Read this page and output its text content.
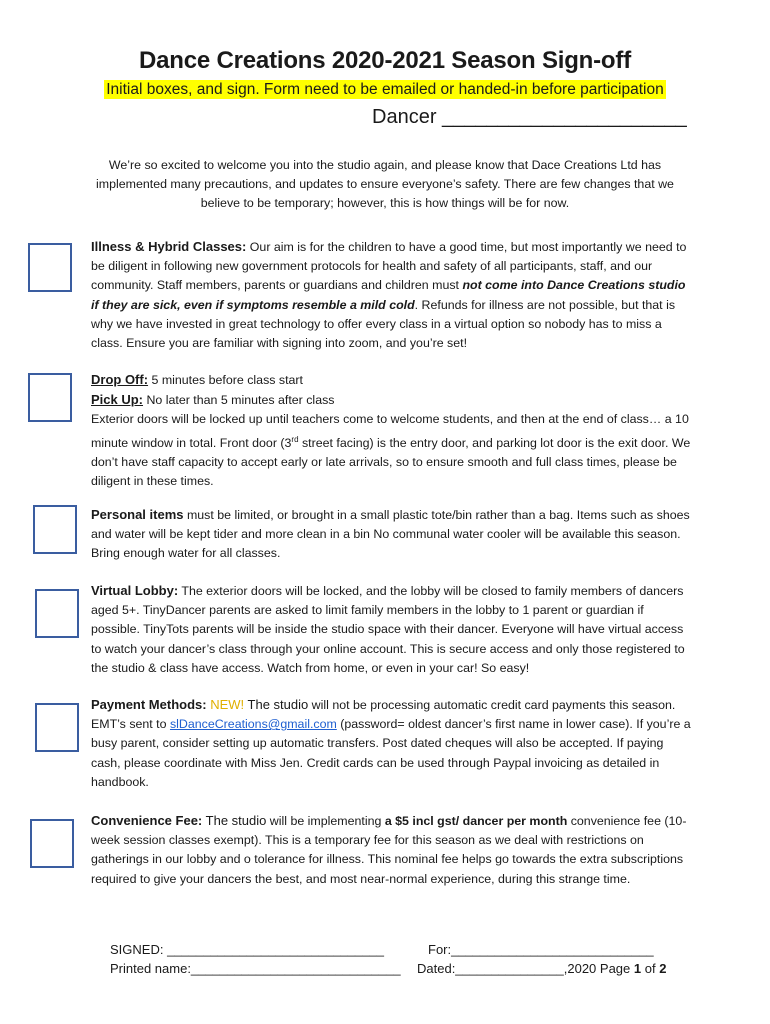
Dance Creations 2020-2021 Season Sign-off
Initial boxes, and sign. Form need to be emailed or handed-in before participation
Dancer ______________________
We’re so excited to welcome you into the studio again, and please know that Dace Creations Ltd has implemented many precautions, and updates to ensure everyone’s safety. There are few changes that we believe to be temporary; however, this is how things will be for now.
Illness & Hybrid Classes: Our aim is for the children to have a good time, but most importantly we need to be diligent in following new government protocols for health and safety of all participants, staff, and our community. Staff members, parents or guardians and children must not come into Dance Creations studio if they are sick, even if symptoms resemble a mild cold. Refunds for illness are not possible, but that is why we have invested in great technology to offer every class in a virtual option so nobody has to miss a class. Ensure you are familiar with signing into zoom, and you’re set!
Drop Off: 5 minutes before class start
Pick Up: No later than 5 minutes after class
Exterior doors will be locked up until teachers come to welcome students, and then at the end of class… a 10 minute window in total. Front door (3rd street facing) is the entry door, and parking lot door is the exit door. We don’t have staff capacity to accept early or late arrivals, so to ensure smooth and full class times, please be diligent in these times.
Personal items must be limited, or brought in a small plastic tote/bin rather than a bag. Items such as shoes and water will be kept tider and more clean in a bin No communal water cooler will be available this season. Bring enough water for all classes.
Virtual Lobby: The exterior doors will be locked, and the lobby will be closed to family members of dancers aged 5+. TinyDancer parents are asked to limit family members in the lobby to 1 parent or guardian if possible. TinyTots parents will be inside the studio space with their dancer. Everyone will have virtual access to watch your dancer’s class through your online account. This is secure access and only those registered to the studio & class have access. Watch from home, or even in your car! So easy!
Payment Methods: NEW! The studio will not be processing automatic credit card payments this season. EMT’s sent to slDanceCreations@gmail.com (password= oldest dancer’s first name in lower case). If you’re a busy parent, consider setting up automatic transfers. Post dated cheques will also be accepted. If paying cash, please coordinate with Miss Jen. Credit cards can be used through Paypal invoicing as detailed in handbook.
Convenience Fee: The studio will be implementing a $5 incl gst/ dancer per month convenience fee (10-week session classes exempt). This is a temporary fee for this season as we deal with restrictions on gatherings in our lobby and o tolerance for illness. This nominal fee helps go towards the extra subscriptions required to give your dancers the best, and most near-normal experience, during this strange time.
SIGNED: ______________________________	For:____________________________
Printed name:_____________________________ Dated:_______________,2020 Page 1 of 2
